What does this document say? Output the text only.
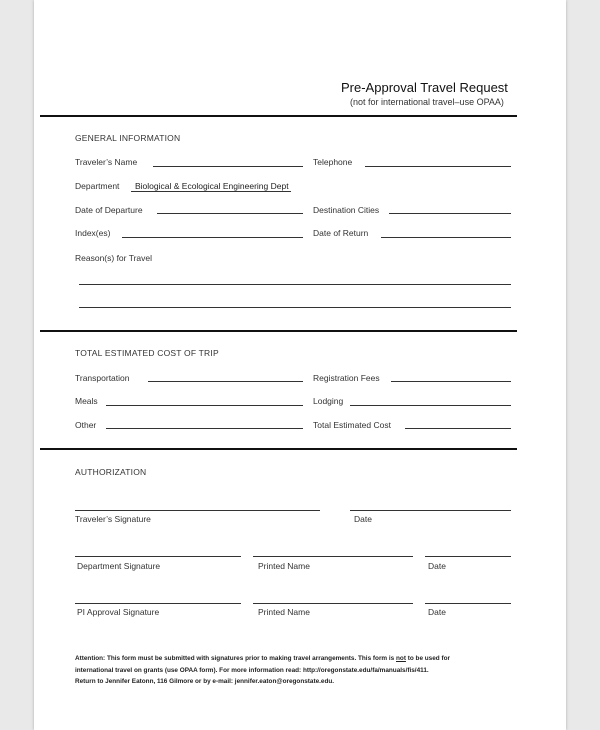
Pre-Approval Travel Request
(not for international travel–use OPAA)
GENERAL INFORMATION
Traveler’s Name	Telephone
Department	Biological & Ecological Engineering Dept
Date of Departure	Destination Cities
Index(es)	Date of Return
Reason(s) for Travel
TOTAL ESTIMATED COST OF TRIP
Transportation	Registration Fees
Meals	Lodging
Other	Total Estimated Cost
AUTHORIZATION
Traveler’s Signature	Date
Department Signature	Printed Name	Date
PI Approval Signature	Printed Name	Date
Attention: This form must be submitted with signatures prior to making travel arrangements. This form is not to be used for
international travel on grants (use OPAA form). For more information read: http://oregonstate.edu/fa/manuals/fis/411.
Return to Jennifer Eatonn, 116 Gilmore or by e-mail: jennifer.eaton@oregonstate.edu.
